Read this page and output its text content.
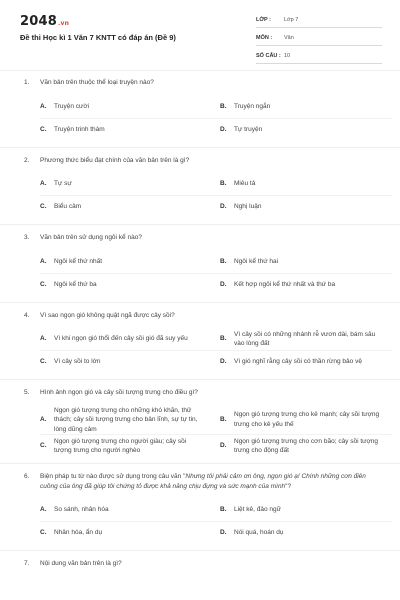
2048.vn
Đề thi Học kì 1 Văn 7 KNTT có đáp án (Đề 9)
LỚP : Lớp 7
MÔN : Văn
SỐ CÂU : 10
1.	Văn bản trên thuộc thể loại truyện nào?
A.	Truyện cười	B.	Truyện ngắn
C.	Truyện trinh thám	D.	Tự truyện
2.	Phương thức biểu đạt chính của văn bản trên là gì?
A.	Tự sự	B.	Miêu tả
C.	Biểu cảm	D.	Nghị luận
3.	Văn bản trên sử dụng ngôi kể nào?
A.	Ngôi kể thứ nhất	B.	Ngôi kể thứ hai
C.	Ngôi kể thứ ba	D.	Kết hợp ngôi kể thứ nhất và thứ ba
4.	Vì sao ngọn gió không quật ngã được cây sồi?
A.	Vì khi ngọn gió thổi đến cây sồi gió đã suy yếu	B.
Vì cây sồi có những nhánh rễ vươn dài, bám sâu vào lòng đất
C.	Vì cây sồi to lớn	D.	Vì gió nghĩ rằng cây sồi có thần rừng bảo vệ
5.	Hình ảnh ngọn gió và cây sồi tượng trưng cho điều gì?
A.
Ngọn gió tượng trưng cho những khó khăn, thử thách; cây sồi tượng trưng cho bản lĩnh, sự tự tin, lòng dũng cảm
B.
Ngọn gió tượng trưng cho kẻ mạnh; cây sồi tượng trưng cho kẻ yếu thế
C.
Ngọn gió tượng trưng cho người giàu; cây sồi tượng trưng cho người nghèo
D.
Ngọn gió tượng trưng cho cơn bão; cây sồi tượng trưng cho động đất
6.	Biện pháp tu từ nào được sử dụng trong câu văn "Nhưng tôi phải cảm ơn ông, ngọn gió ạ! Chính những cơn điên cuồng của ông đã giúp tôi chứng tỏ được khả năng chịu đựng và sức mạnh của mình"?
A.	So sánh, nhân hóa	B.	Liệt kê, đảo ngữ
C.	Nhân hóa, ẩn dụ	D.	Nói quá, hoán dụ
7.	Nội dung văn bản trên là gì?
